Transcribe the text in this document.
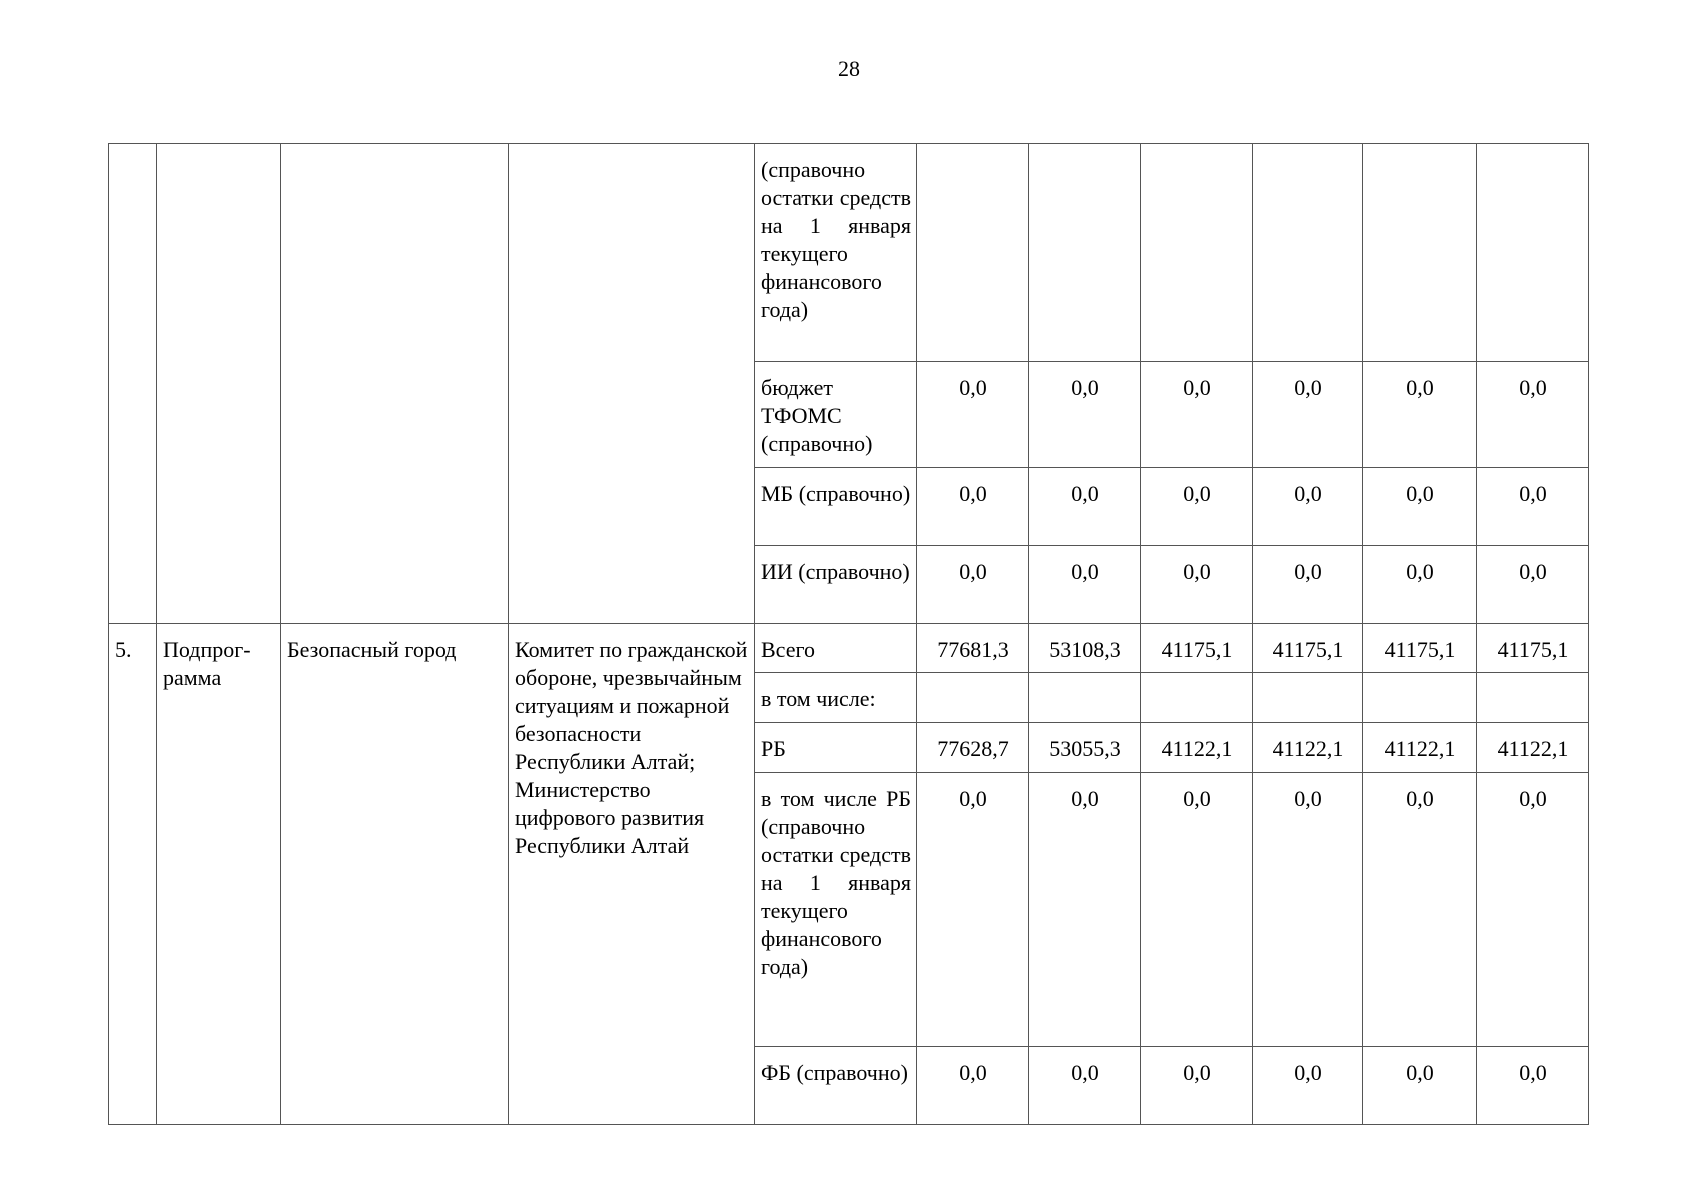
28
				(справочно остатки средств на 1 января текущего финансового года)						
				бюджет ТФОМС (справочно)	0,0	0,0	0,0	0,0	0,0	0,0
				МБ (справочно)	0,0	0,0	0,0	0,0	0,0	0,0
				ИИ (справочно)	0,0	0,0	0,0	0,0	0,0	0,0
5.	Подпрог-рамма	Безопасный город	Комитет по гражданской обороне, чрезвычайным ситуациям и пожарной безопасности Республики Алтай; Министерство цифрового развития Республики Алтай	Всего	77681,3	53108,3	41175,1	41175,1	41175,1	41175,1
				в том числе:						
				РБ	77628,7	53055,3	41122,1	41122,1	41122,1	41122,1
				в том числе РБ (справочно остатки средств на 1 января текущего финансового года)	0,0	0,0	0,0	0,0	0,0	0,0
				ФБ (справочно)	0,0	0,0	0,0	0,0	0,0	0,0
